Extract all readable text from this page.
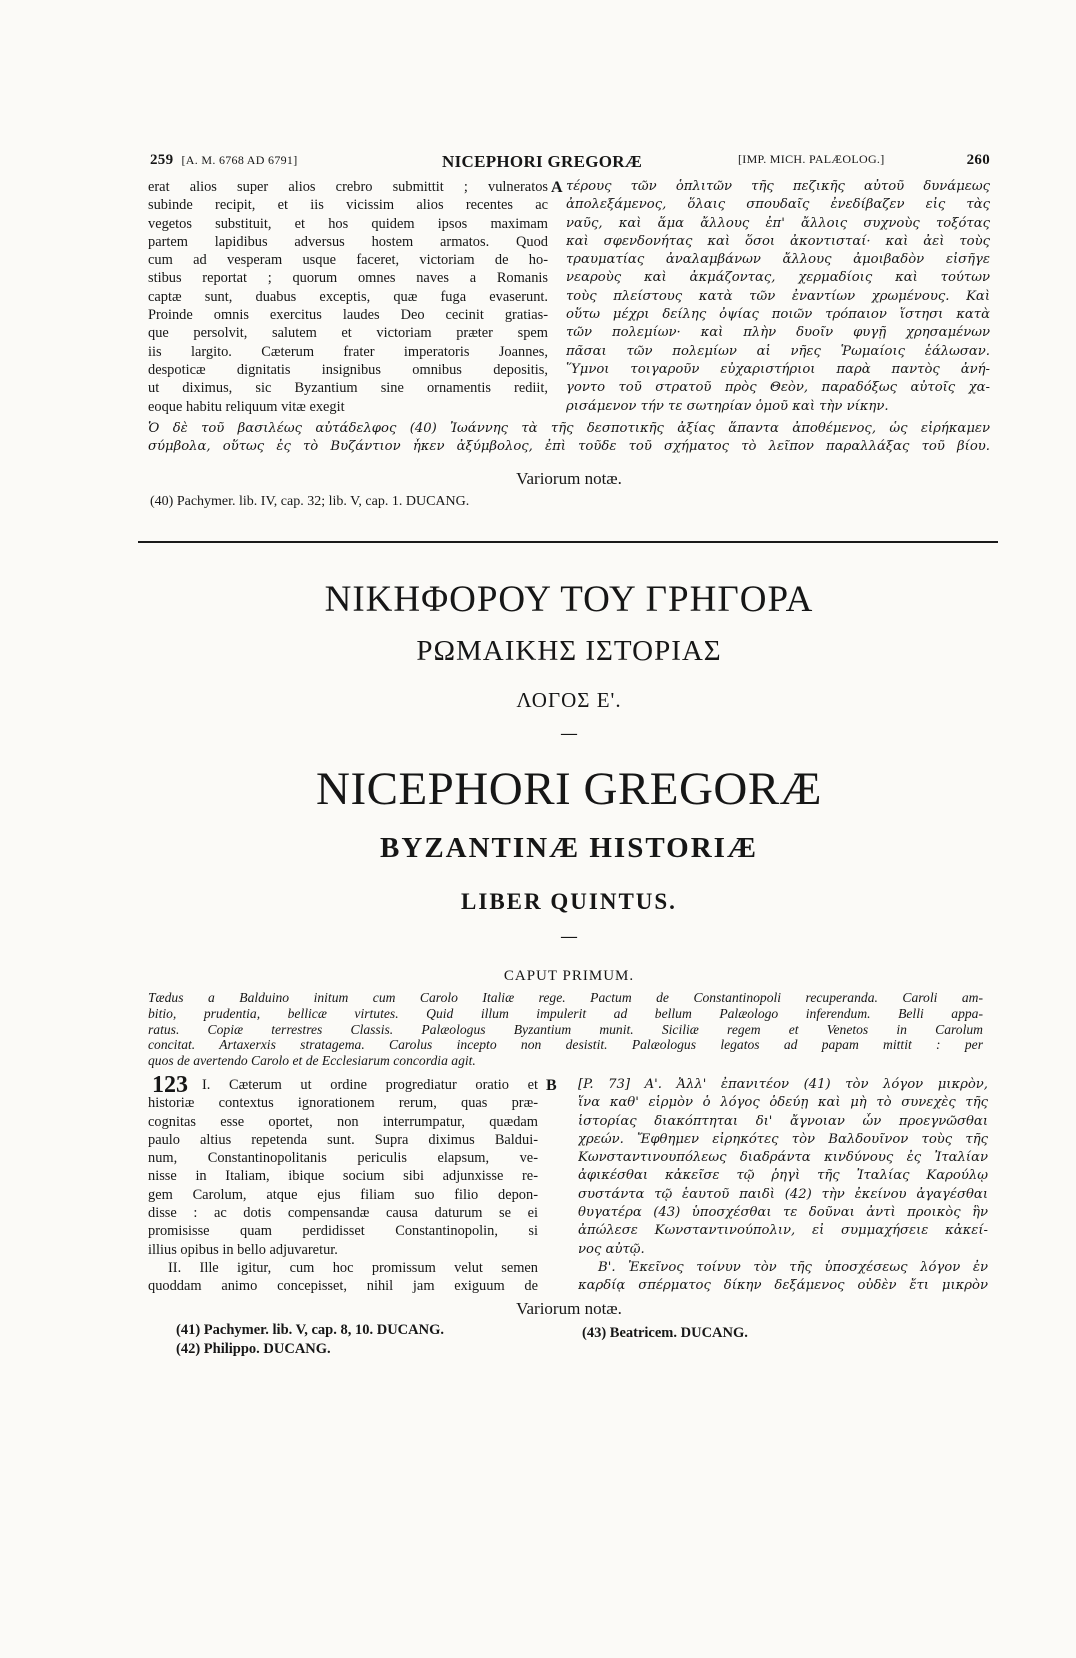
259 [A. M. 6768 AD 6791]	NICEPHORI GREGORÆ	[IMP. MICH. PALÆOLOG.]	260
erat alios super alios crebro submittit ; vulneratos
subinde recipit, et iis vicissim alios recentes ac
vegetos substituit, et hos quidem ipsos maximam
partem lapidibus adversus hostem armatos. Quod
cum ad vesperam usque faceret, victoriam de ho-
stibus reportat ; quorum omnes naves a Romanis
captæ sunt, duabus exceptis, quæ fuga evaserunt.
Proinde omnis exercitus laudes Deo cecinit gratias-
que persolvit, salutem et victoriam præter spem
iis largito. Cæterum frater imperatoris Joannes,
despoticæ dignitatis insignibus omnibus depositis,
ut diximus, sic Byzantium sine ornamentis rediit,
eoque habitu reliquum vitæ exegit
A τέρους τῶν ὁπλιτῶν τῆς πεζικῆς αὐτοῦ δυνάμεως
ἀπολεξάμενος, ὅλαις σπουδαῖς ἐνεδίβαζεν εἰς τὰς
ναῦς, καὶ ἅμα ἄλλους ἐπ' ἄλλοις συχνοὺς τοξότας
καὶ σφενδονήτας καὶ ὅσοι ἀκοντισταί· καὶ ἀεὶ τοὺς
τραυματίας ἀναλαμβάνων ἄλλους ἀμοιβαδὸν εἰσῆγε
νεαροὺς καὶ ἀκμάζοντας, χερμαδίοις καὶ τούτων
τοὺς πλείστους κατὰ τῶν ἐναντίων χρωμένους. Καὶ
οὕτω μέχρι δείλης ὀψίας ποιῶν τρόπαιον ἵστησι κατὰ
τῶν πολεμίων· καὶ πλὴν δυοῖν φυγῇ χρησαμένων
πᾶσαι τῶν πολεμίων αἱ νῆες Ῥωμαίοις ἑάλωσαν.
Ὕμνοι τοιγαροῦν εὐχαριστήριοι παρὰ παντὸς ἀνή-
γοντο τοῦ στρατοῦ πρὸς Θεὸν, παραδόξως αὐτοῖς χα-
ρισάμενον τήν τε σωτηρίαν ὁμοῦ καὶ τὴν νίκην.
Ὁ δὲ τοῦ βασιλέως αὐτάδελφος (40) Ἰωάννης τὰ τῆς δεσποτικῆς ἀξίας ἅπαντα ἀποθέμενος, ὡς εἰρήκαμεν
σύμβολα, οὕτως ἐς τὸ Βυζάντιον ἧκεν ἀξύμβολος, ἐπὶ τοῦδε τοῦ σχήματος τὸ λεῖπον παραλλάξας τοῦ βίου.
Variorum notæ.
(40) Pachymer. lib. IV, cap. 32; lib. V, cap. 1. DUCANG.
ΝΙΚΗΦΟΡΟΥ ΤΟΥ ΓΡΗΓΟΡΑ
ΡΩΜΑΙΚΗΣ ΙΣΤΟΡΙΑΣ
ΛΟΓΟΣ Ε'.
—
NICEPHORI GREGORÆ
BYZANTINÆ HISTORIÆ
LIBER QUINTUS.
—
CAPUT PRIMUM.
Tædus a Balduino initum cum Carolo Italiæ rege. Pactum de Constantinopoli recuperanda. Caroli am-
bitio, prudentia, bellicæ virtutes. Quid illum impulerit ad bellum Palæologo inferendum. Belli appa-
ratus. Copiæ terrestres Classis. Palæologus Byzantium munit. Siciliæ regem et Venetos in Carolum
concitat. Artaxerxis stratagema. Carolus incepto non desistit. Palæologus legatos ad papam mittit : per
quos de avertendo Carolo et de Ecclesiarum concordia agit.
123 I. Cæterum ut ordine progrediatur oratio et
historiæ contextus ignorationem rerum, quas præ-
cognitas esse oportet, non interrumpatur, quædam
paulo altius repetenda sunt. Supra diximus Baldui-
num, Constantinopolitanis periculis elapsum, ve-
nisse in Italiam, ibique socium sibi adjunxisse re-
gem Carolum, atque ejus filiam suo filio depon-
disse : ac dotis compensandæ causa daturum se ei
promisisse quam perdidisset Constantinopolin, si
illius opibus in bello adjuvaretur.
II. Ille igitur, cum hoc promissum velut semen
quoddam animo concepisset, nihil jam exiguum de
B [P. 73] Α'. Ἀλλ' ἐπανιτέον (41) τὸν λόγον μικρὸν,
ἵνα καθ' εἱρμὸν ὁ λόγος ὁδεύῃ καὶ μὴ τὸ συνεχὲς τῆς
ἱστορίας διακόπτηται δι' ἄγνοιαν ὧν προεγνῶσθαι
χρεών. Ἔφθημεν εἰρηκότες τὸν Βαλδουῖνον τοὺς τῆς
Κωνσταντινουπόλεως διαδράντα κινδύνους ἐς Ἰταλίαν
ἀφικέσθαι κἀκεῖσε τῷ ῥηγὶ τῆς Ἰταλίας Καρούλῳ
συστάντα τῷ ἑαυτοῦ παιδὶ (42) τὴν ἐκείνου ἀγαγέσθαι
θυγατέρα (43) ὑποσχέσθαι τε δοῦναι ἀντὶ προικὸς ἣν
ἀπώλεσε Κωνσταντινούπολιν, εἰ συμμαχήσειε κἀκεί-
νος αὐτῷ.
Β'. Ἐκεῖνος τοίνυν τὸν τῆς ὑποσχέσεως λόγον ἐν
καρδίᾳ σπέρματος δίκην δεξάμενος οὐδὲν ἔτι μικρὸν
Variorum notæ.
(41) Pachymer. lib. V, cap. 8, 10. DUCANG.
(42) Philippo. DUCANG.
(43) Beatricem. DUCANG.
